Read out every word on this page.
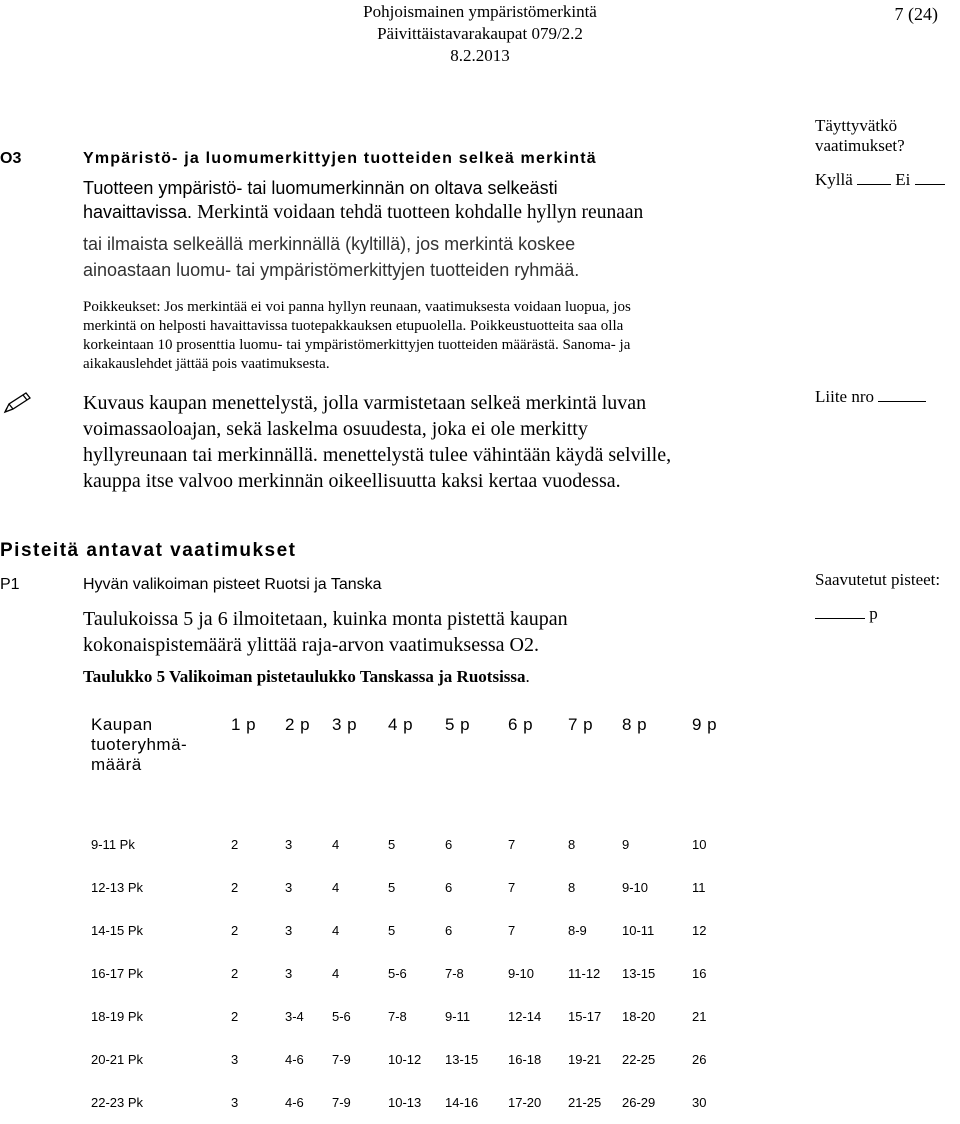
Pohjoismainen ympäristömerkintä
Päivittäistavarakaupat 079/2.2
8.2.2013
7 (24)
O3	Ympäristö- ja luomumerkittyjen tuotteiden selkeä merkintä
Tuotteen ympäristö- tai luomumerkinnän on oltava selkeästi
havaittavissa. Merkintä voidaan tehdä tuotteen kohdalle hyllyn reunaan
tai ilmaista selkeällä merkinnällä (kyltillä), jos merkintä koskee
ainoastaan luomu- tai ympäristömerkittyjen tuotteiden ryhmää.
Poikkeukset: Jos merkintää ei voi panna hyllyn reunaan, vaatimuksesta voidaan luopua, jos
merkintä on helposti havaittavissa tuotepakkauksen etupuolella. Poikkeustuotteita saa olla
korkeintaan 10 prosenttia luomu- tai ympäristömerkittyjen tuotteiden määrästä. Sanoma- ja
aikakauslehdet jättää pois vaatimuksesta.
Kuvaus kaupan menettelystä, jolla varmistetaan selkeä merkintä luvan
voimassaoloajan, sekä laskelma osuudesta, joka ei ole merkitty
hyllyreunaan tai merkinnällä. menettelystä tulee vähintään käydä selville,
kauppa itse valvoo merkinnän oikeellisuutta kaksi kertaa vuodessa.
Täyttyvätkö
vaatimukset?
Kyllä	Ei
Liite nro
Pisteitä antavat vaatimukset
P1	Hyvän valikoiman pisteet Ruotsi ja Tanska
Taulukoissa 5 ja 6 ilmoitetaan, kuinka monta pistettä kaupan
kokonaispistemäärä ylittää raja-arvon vaatimuksessa O2.
Taulukko 5 Valikoiman pistetaulukko Tanskassa ja Ruotsissa.
Saavutetut pisteet:
p
Kaupan
tuoteryhmä-
määrä	1 p	2 p	3 p	4 p	5 p	6 p	7 p	8 p	9 p
9-11 Pk	2	3	4	5	6	7	8	9	10
12-13 Pk	2	3	4	5	6	7	8	9-10	11
14-15 Pk	2	3	4	5	6	7	8-9	10-11	12
16-17 Pk	2	3	4	5-6	7-8	9-10	11-12	13-15	16
18-19 Pk	2	3-4	5-6	7-8	9-11	12-14	15-17	18-20	21
20-21 Pk	3	4-6	7-9	10-12	13-15	16-18	19-21	22-25	26
22-23 Pk	3	4-6	7-9	10-13	14-16	17-20	21-25	26-29	30
